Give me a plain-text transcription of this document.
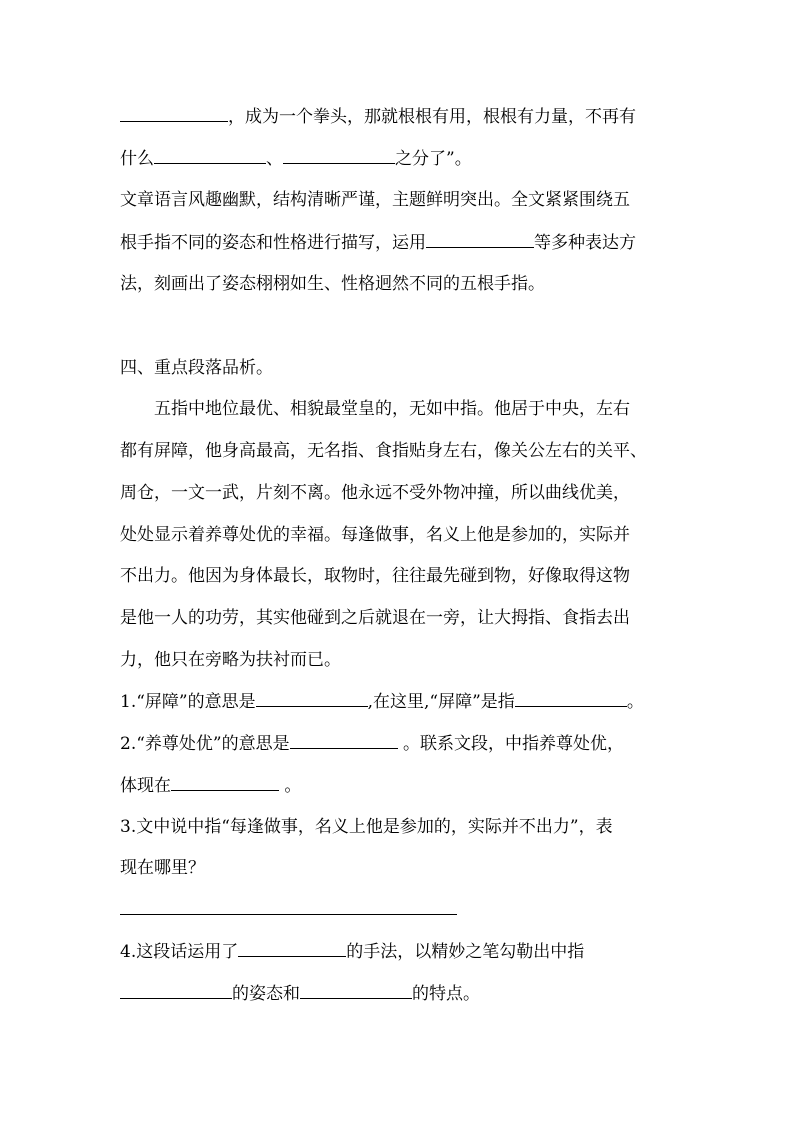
，成为一个拳头，那就根根有用，根根有力量，不再有
什么	、	之分了”。
文章语言风趣幽默，结构清晰严谨，主题鲜明突出。全文紧紧围绕五
根手指不同的姿态和性格进行描写，运用	等多种表达方
法，刻画出了姿态栩栩如生、性格迥然不同的五根手指。
四、重点段落品析。
五指中地位最优、相貌最堂皇的，无如中指。他居于中央，左右
都有屏障，他身高最高，无名指、食指贴身左右，像关公左右的关平、
周仓，一文一武，片刻不离。他永远不受外物冲撞，所以曲线优美，
处处显示着养尊处优的幸福。每逢做事，名义上他是参加的，实际并
不出力。他因为身体最长，取物时，往往最先碰到物，好像取得这物
是他一人的功劳，其实他碰到之后就退在一旁，让大拇指、食指去出
力，他只在旁略为扶衬而已。
1.“屏障”的意思是	,在这里,“屏障”是指	。
2.“养尊处优”的意思是	。联系文段，中指养尊处优，
体现在	。
3.文中说中指“每逢做事，名义上他是参加的，实际并不出力”，表
现在哪里？
4.这段话运用了	的手法，以精妙之笔勾勒出中指
的姿态和	的特点。
